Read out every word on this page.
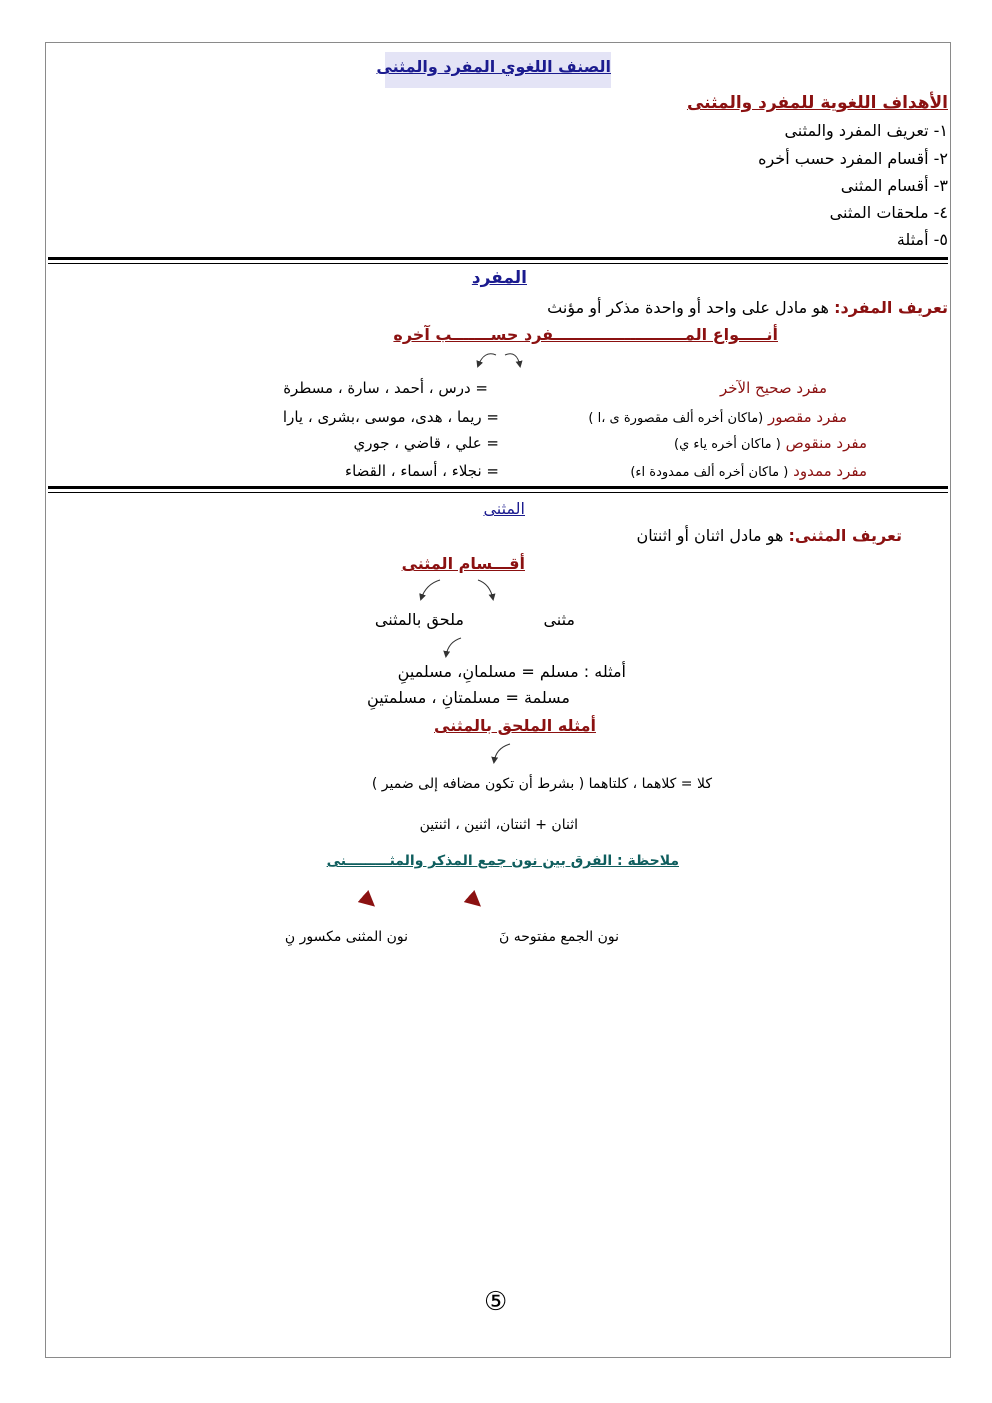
الصنف اللغوي المفرد والمثنى
الأهداف اللغوية للمفرد والمثنى
١- تعريف المفرد والمثنى
٢- أقسام المفرد حسب أخره
٣- أقسام المثنى
٤- ملحقات المثنى
٥- أمثلة
المفرد
تعريف المفرد: هو مادل على واحد أو واحدة مذكر أو مؤنث
أنـــــواع المــــــــــــــــــــــــفرد حســـــــب آخره
مفرد صحيح الآخر
مفرد مقصور (ماكان أخره ألف مقصورة ى ،ا )
مفرد منقوص ( ماكان أخره ياء ي)
مفرد ممدود ( ماكان أخره ألف ممدودة اء)
= درس ، أحمد ، سارة ، مسطرة
= ريما ، هدى، موسى ،بشرى ، يارا
= علي ، قاضي ، جوري
= نجلاء ، أسماء ، القضاء
المثنى
تعريف المثنى: هو مادل اثنان أو اثنتان
أقـــسام المثنى
مثنى
ملحق بالمثنى
أمثله : مسلم = مسلمانِ، مسلمينِ
مسلمة = مسلمتانِ ، مسلمتينِ
أمثله الملحق بالمثنى
كلا = كلاهما ، كلتاهما ( بشرط أن تكون مضافه إلى ضمير )
اثنان + اثنتان، اثنين ، اثنتين
ملاحظة : الفرق بين نون جمع المذكر والمثـــــــــنى
نون الجمع مفتوحه نَ
نون المثنى مكسور نِ
⑤
